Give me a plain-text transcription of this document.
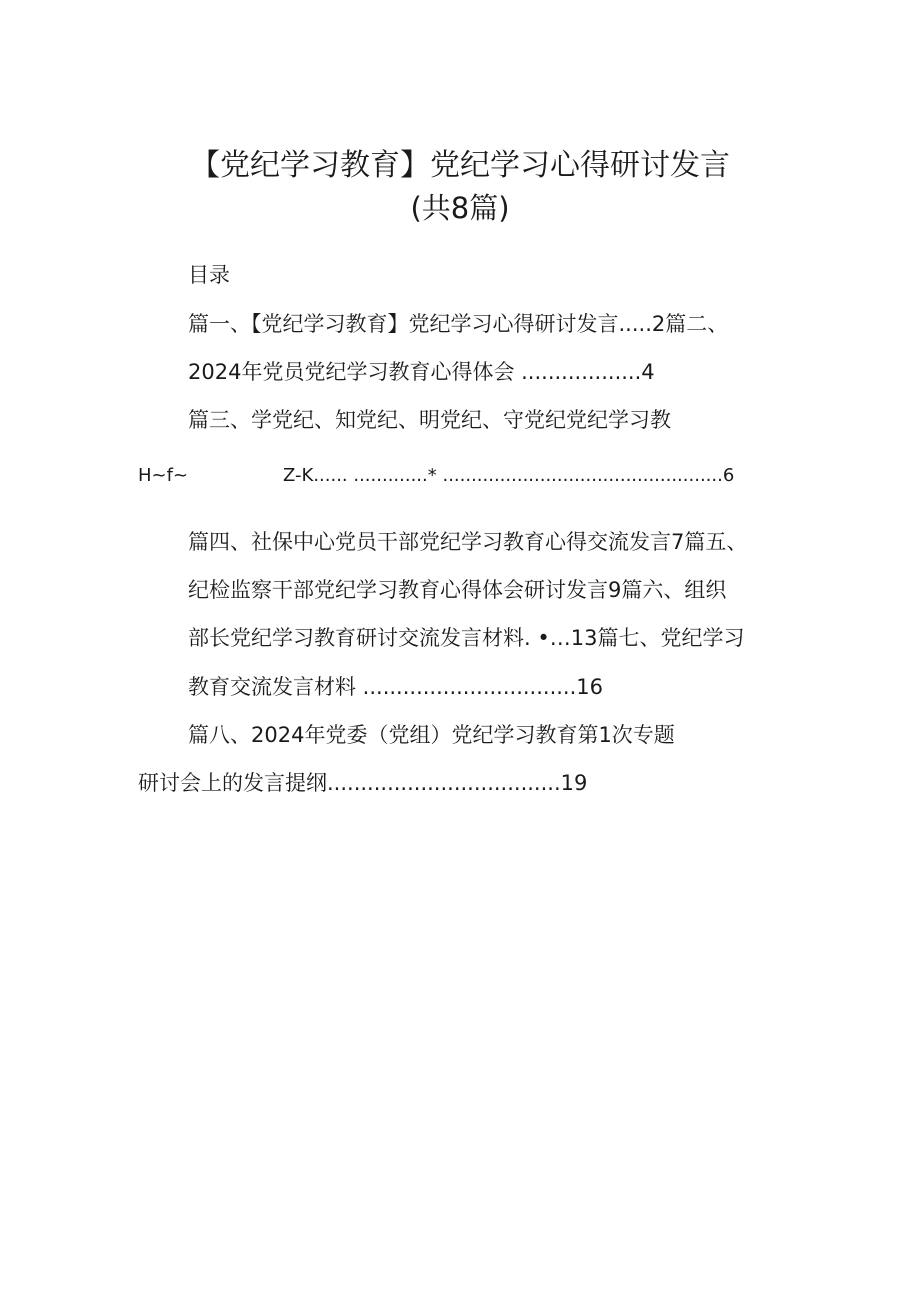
【党纪学习教育】党纪学习心得研讨发言
(共8篇)
目录
篇一、【党纪学习教育】党纪学习心得研讨发言.....2篇二、
2024年党员党纪学习教育心得体会 ..................4
篇三、学党纪、知党纪、明党纪、守党纪党纪学习教
H~f~	Z-K...... .............* .................................................6
篇四、社保中心党员干部党纪学习教育心得交流发言7篇五、
纪检监察干部党纪学习教育心得体会研讨发言9篇六、组织
部长党纪学习教育研讨交流发言材料. •…13篇七、党纪学习
教育交流发言材料 ................................16
篇八、2024年党委（党组）党纪学习教育第1次专题
研讨会上的发言提纲...................................19
